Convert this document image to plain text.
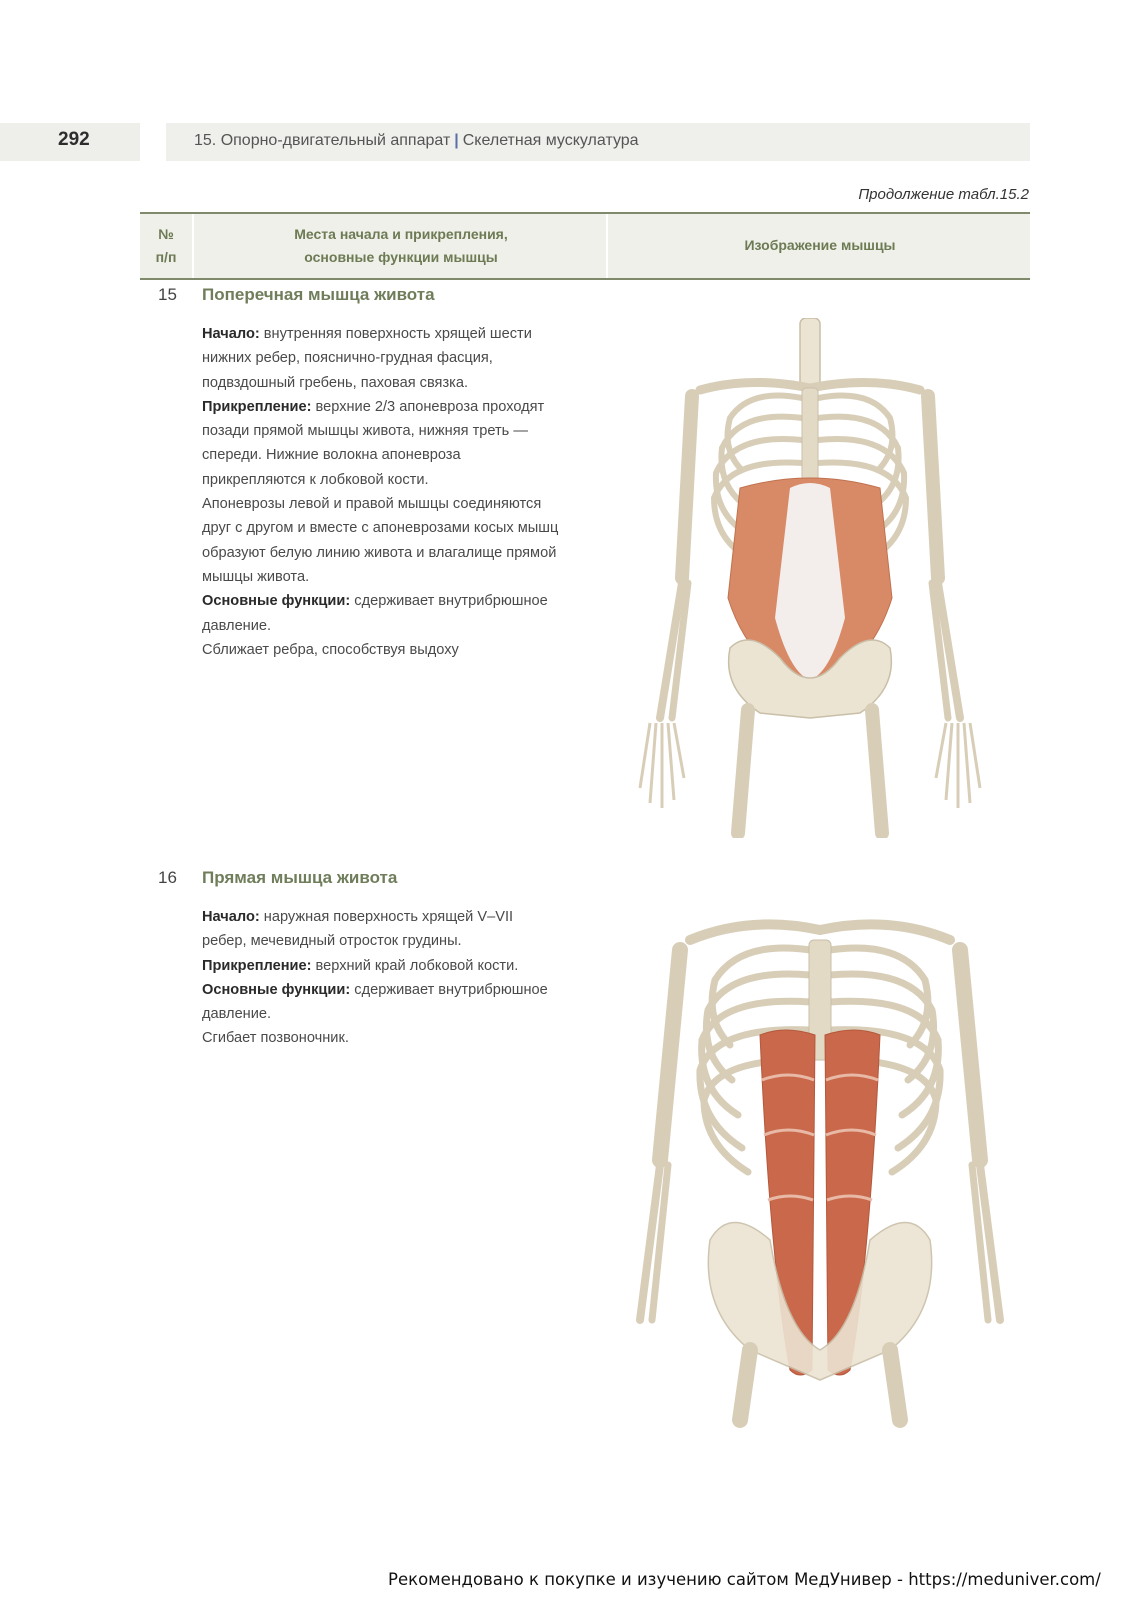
292	15. Опорно-двигательный аппарат | Скелетная мускулатура
Продолжение табл.15.2
№
п/п
Места начала и прикрепления,
основные функции мышцы
Изображение мышцы
15 Поперечная мышца живота

Начало: внутренняя поверхность хрящей шести нижних ребер, пояснично-грудная фасция, подвздошный гребень, паховая связка.

Прикрепление: верхние 2/3 апоневроза проходят позади прямой мышцы живота, нижняя треть — спереди. Нижние волокна апоневроза прикрепляются к лобковой кости.

Апоневрозы левой и правой мышцы соединяются друг с другом и вместе с апоневрозами косых мышц образуют белую линию живота и влагалище прямой мышцы живота.

Основные функции: сдерживает внутрибрюшное давление.

Сближает ребра, способствуя выдоху

16 Прямая мышца живота

Начало: наружная поверхность хрящей V–VII ребер, мечевидный отросток грудины.

Прикрепление: верхний край лобковой кости.

Основные функции: сдерживает внутрибрюшное давление.

Сгибает позвоночник.

Рекомендовано к покупке и изучению сайтом МедУнивер - https://meduniver.com/
